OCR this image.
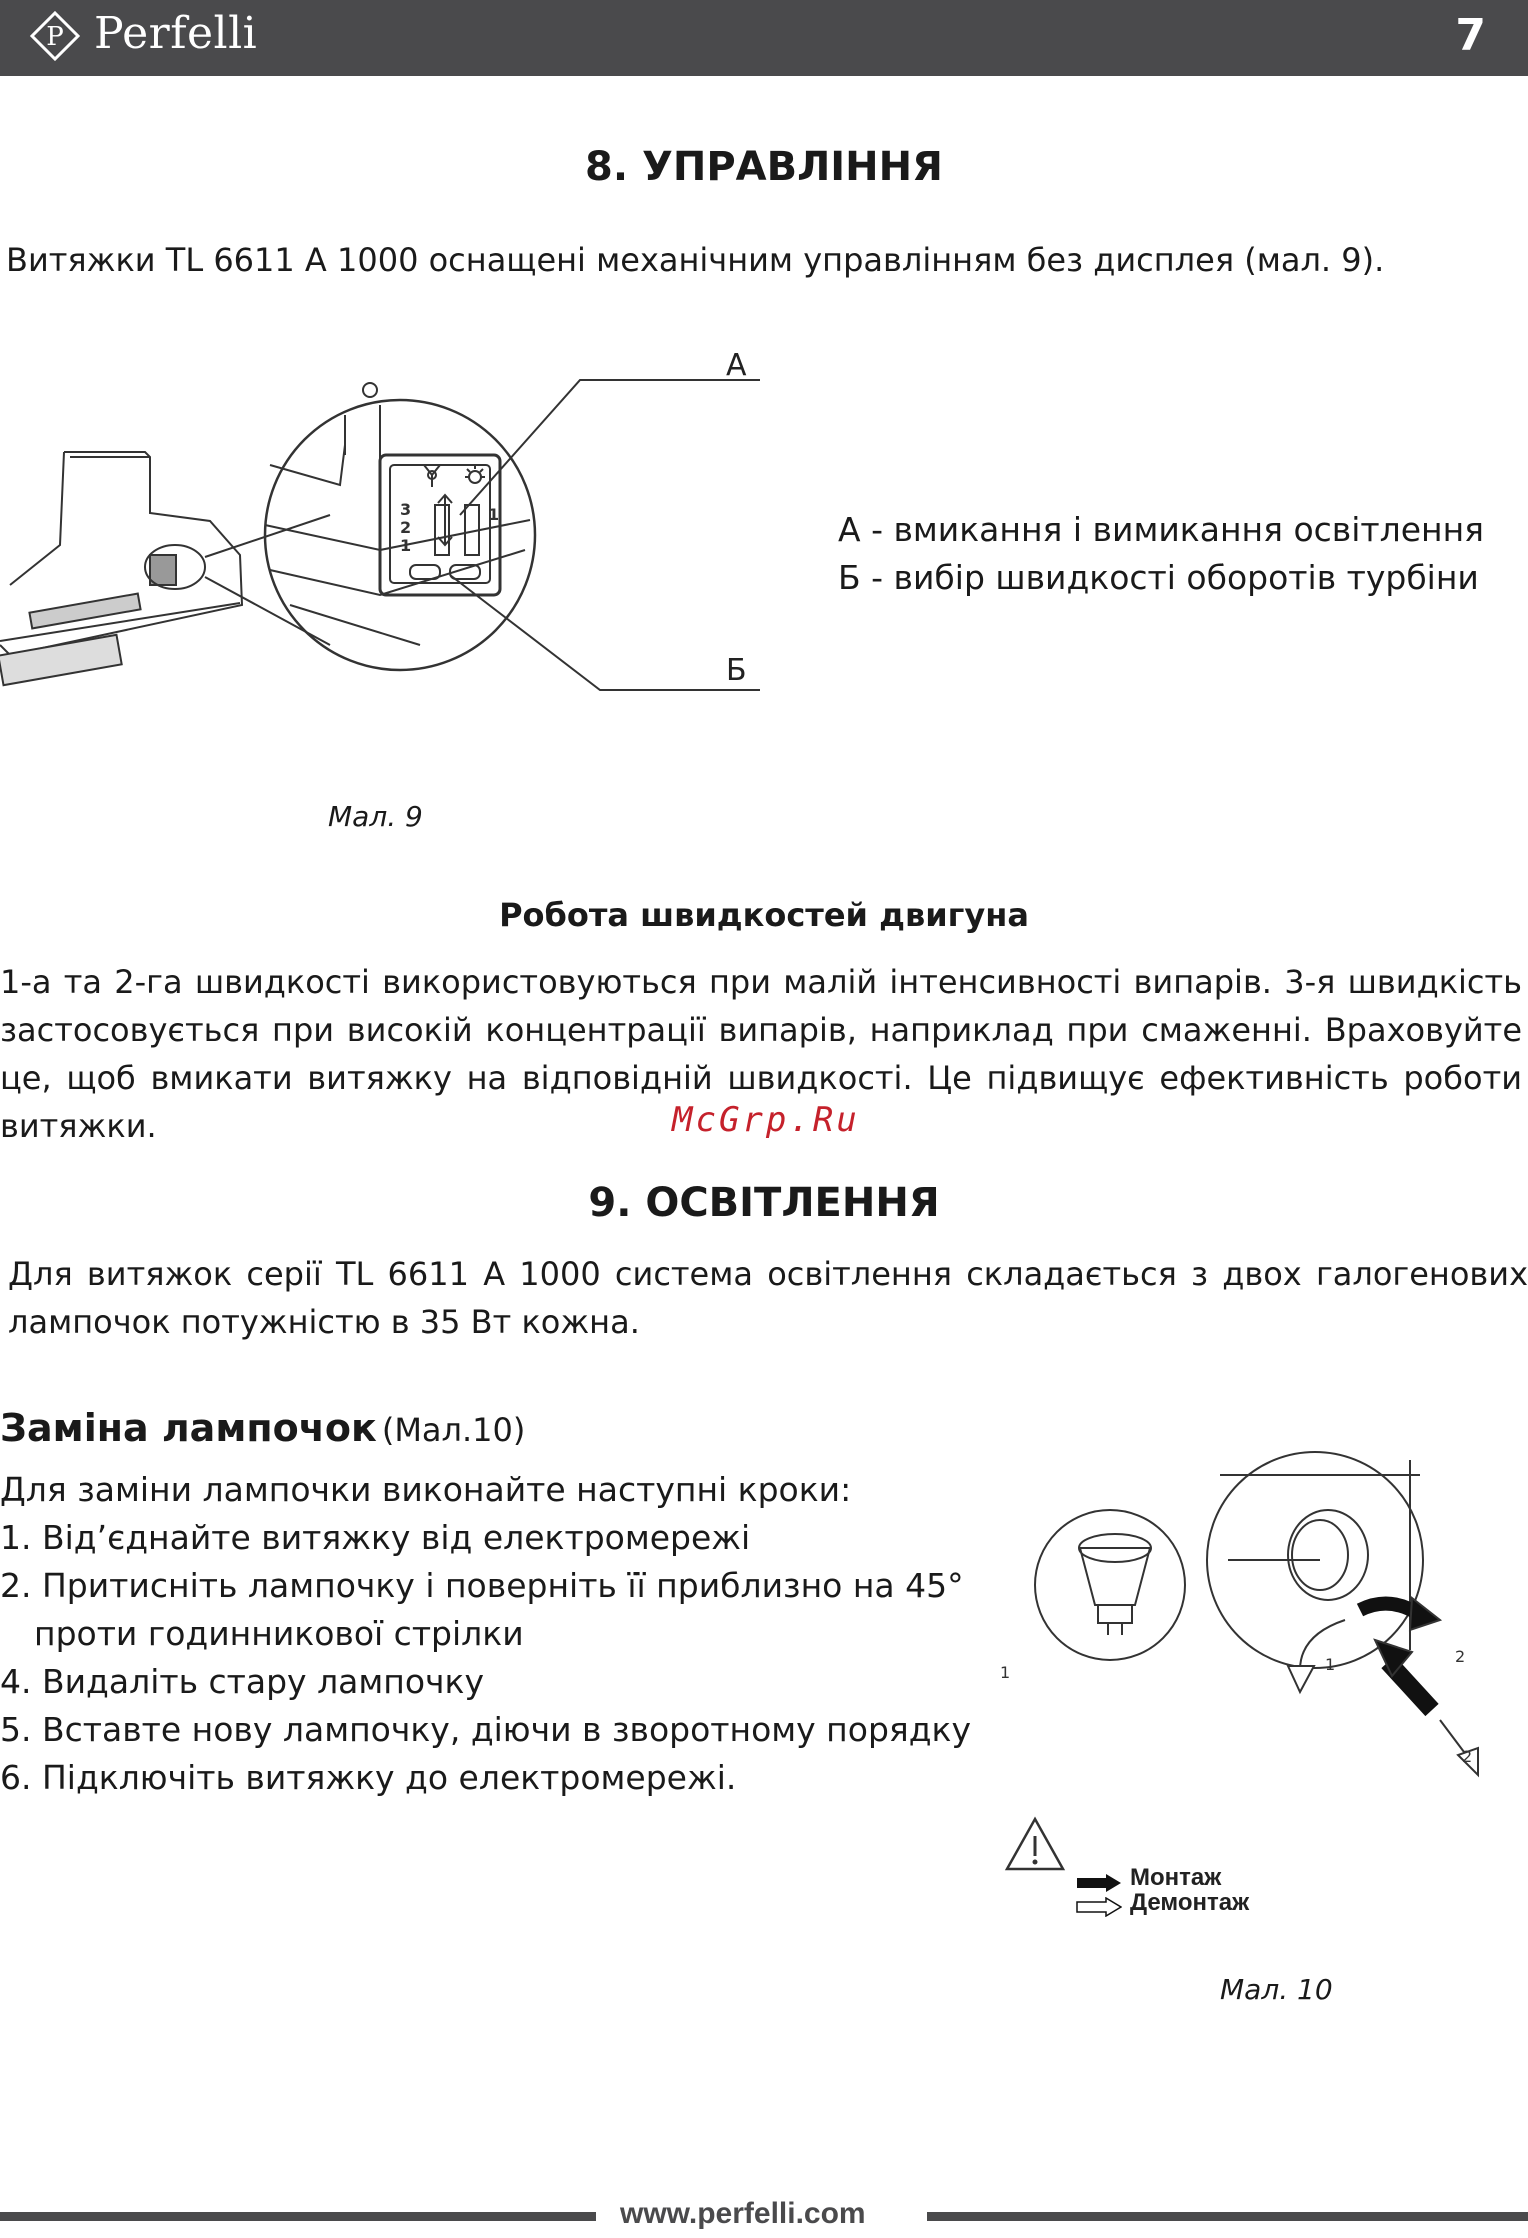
P Perfelli	7
8. УПРАВЛІННЯ
Витяжки TL 6611 A 1000 оснащені механічним управлінням без дисплея (мал. 9).
3
2
1
1
А
Б
А - вмикання і вимикання освітлення
Б - вибір швидкості оборотів турбіни
Мал. 9
Робота швидкостей двигуна
1-а та 2-га швидкості використовуються при малій інтенсивності випарів. 3-я швидкість застосовується при високій концентрації випарів, наприклад при смаженні. Враховуйте це, щоб вмикати витяжку на відповідній швидкості. Це підвищує ефективність роботи витяжки.	McGrp.Ru
9. ОСВІТЛЕННЯ
Для витяжок серії TL 6611 A 1000 система освітлення складається з двох галогенових лампочок потужністю в 35 Вт кожна.
Заміна лампочок (Мал.10)
Для заміни лампочки виконайте наступні кроки:
1. Від’єднайте витяжку від електромережі
2. Притисніть лампочку і поверніть її приблизно на 45°
проти годинникової стрілки
4. Видаліть стару лампочку
5. Вставте нову лампочку, діючи в зворотному порядку
6. Підключіть витяжку до електромережі.
1	1	2
2
Монтаж
Демонтаж
Мал. 10
www.perfelli.com
